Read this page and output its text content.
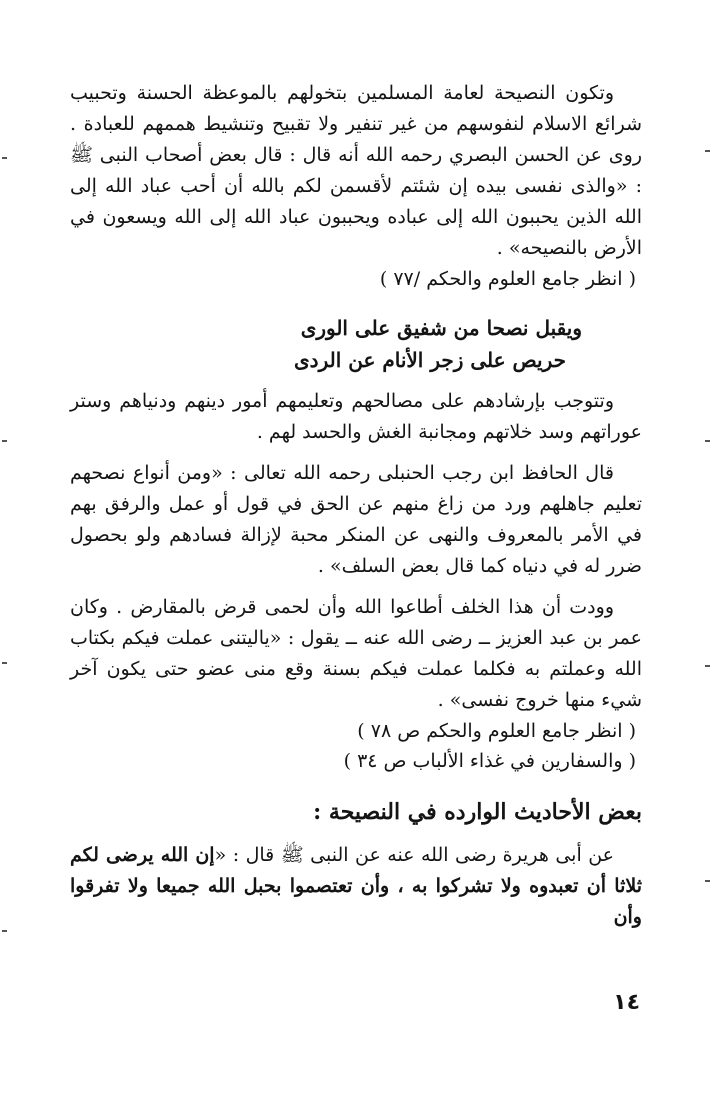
وتكون النصيحة لعامة المسلمين بتخولهم بالموعظة الحسنة وتحبيب شرائع الاسلام لنفوسهم من غير تنفير ولا تقبيح وتنشيط هممهم للعبادة . روى عن الحسن البصري رحمه الله أنه قال : قال بعض أصحاب النبى ﷺ : «والذى نفسى بيده إن شئتم لأقسمن لكم بالله أن أحب عباد الله إلى الله الذين يحببون الله إلى عباده ويحببون عباد الله إلى الله ويسعون في الأرض بالنصيحه» .

( انظر جامع العلوم والحكم /٧٧ )

ويقبل نصحا من شفيق على الورى

حريص على زجر الأنام عن الردى

وتتوجب بإرشادهم على مصالحهم وتعليمهم أمور دينهم ودنياهم وستر عوراتهم وسد خلاتهم ومجانبة الغش والحسد لهم .

قال الحافظ ابن رجب الحنبلى رحمه الله تعالى : «ومن أنواع نصحهم تعليم جاهلهم ورد من زاغ منهم عن الحق في قول أو عمل والرفق بهم في الأمر بالمعروف والنهى عن المنكر محبة لإزالة فسادهم ولو بحصول ضرر له في دنياه كما قال بعض السلف» .

وودت أن هذا الخلف أطاعوا الله وأن لحمى قرض بالمقارض . وكان عمر بن عبد العزيز ــ رضى الله عنه ــ يقول : «ياليتنى عملت فيكم بكتاب الله وعملتم به فكلما عملت فيكم بسنة وقع منى عضو حتى يكون آخر شيء منها خروج نفسى» .

( انظر جامع العلوم والحكم ص ٧٨ )

( والسفارين في غذاء الألباب ص ٣٤ )

بعض الأحاديث الوارده في النصيحة :

عن أبى هريرة رضى الله عنه عن النبى ﷺ قال : «إن الله يرضى لكم ثلاثا أن تعبدوه ولا تشركوا به ، وأن تعتصموا بحبل الله جميعا ولا تفرقوا وأن

١٤
